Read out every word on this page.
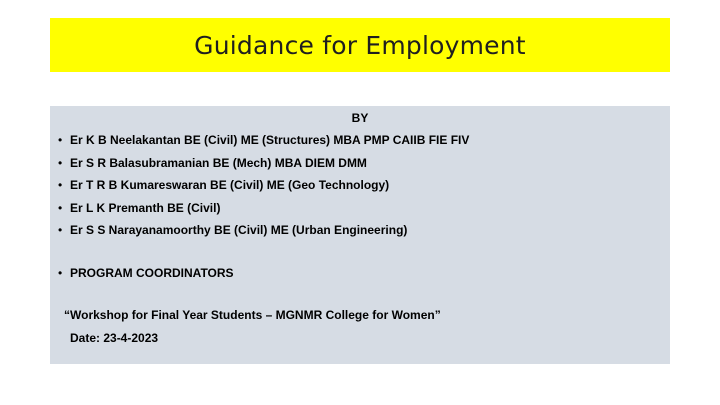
Guidance for Employment
BY
• Er K B Neelakantan BE (Civil) ME (Structures) MBA PMP CAIIB FIE FIV
• Er S R Balasubramanian BE (Mech) MBA DIEM DMM
• Er T R B Kumareswaran BE (Civil) ME (Geo Technology)
• Er L K Premanth BE (Civil)
• Er S S Narayanamoorthy BE (Civil) ME (Urban Engineering)
• PROGRAM COORDINATORS
“Workshop for Final Year Students – MGNMR College for Women”
Date: 23-4-2023
